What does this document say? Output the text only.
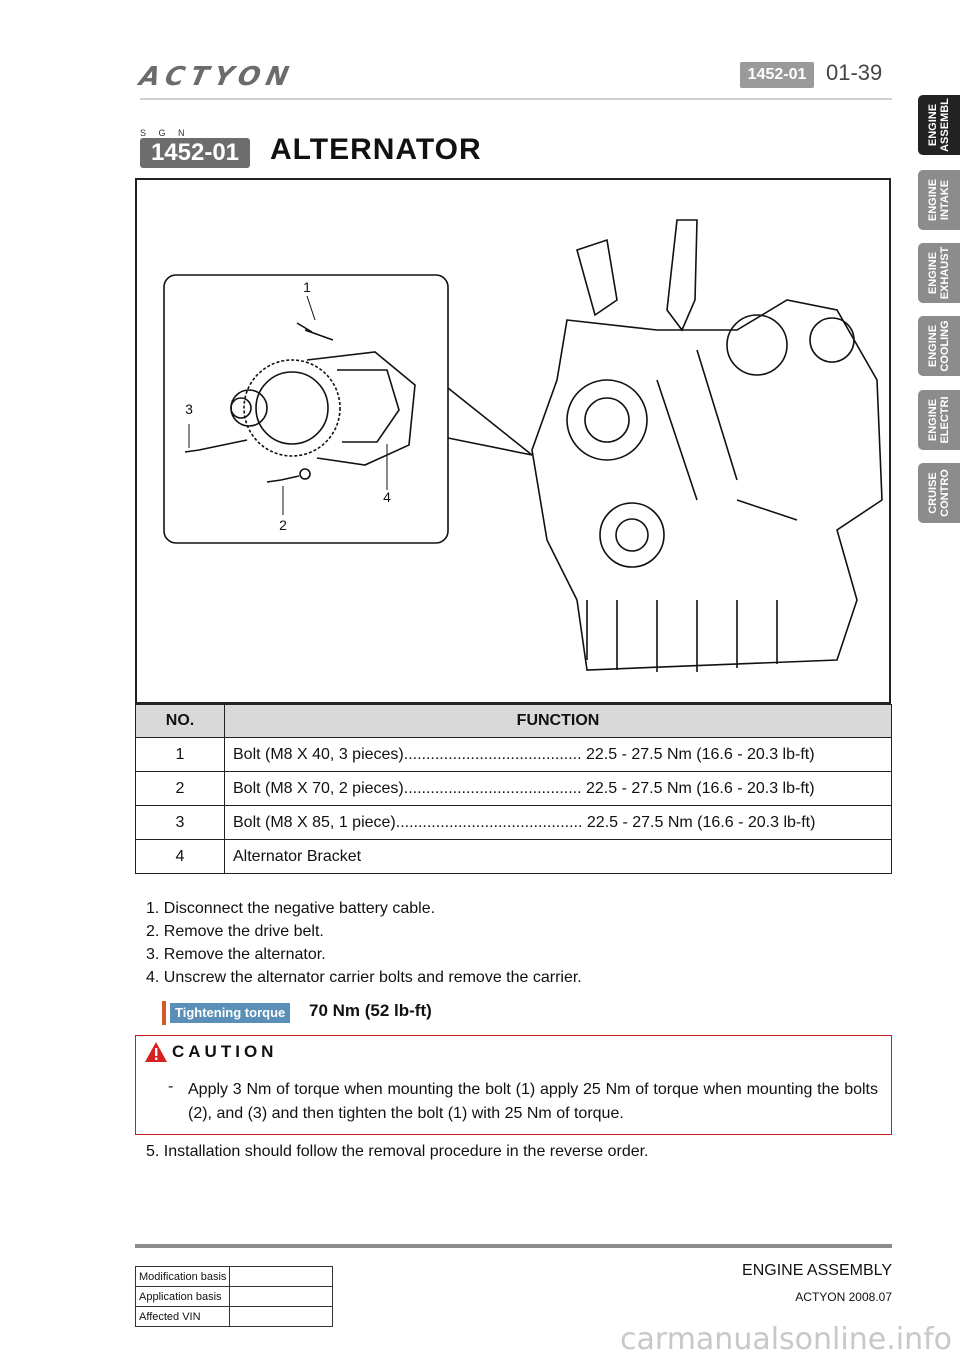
ACTYON	1452-01 01-39
ENGINE
ASSEMBL
ENGINE
INTAKE
ENGINE
EXHAUST
ENGINE
COOLING
ENGINE
ELECTRI
CRUISE
CONTRO
S G N
1452-01	ALTERNATOR
1
2
3
4
NO.	FUNCTION
1	Bolt (M8 X 40, 3 pieces)........................................ 22.5 - 27.5 Nm (16.6 - 20.3 lb-ft)
2	Bolt (M8 X 70, 2 pieces)........................................ 22.5 - 27.5 Nm (16.6 - 20.3 lb-ft)
3	Bolt (M8 X 85, 1 piece).......................................... 22.5 - 27.5 Nm (16.6 - 20.3 lb-ft)
4	Alternator Bracket
1. Disconnect the negative battery cable.
2. Remove the drive belt.
3. Remove the alternator.
4. Unscrew the alternator carrier bolts and remove the carrier.
Tightening torque 70 Nm (52 lb-ft)
CAUTION
- Apply 3 Nm of torque when mounting the bolt (1) apply 25 Nm of torque when mounting the bolts (2), and (3) and then tighten the bolt (1) with 25 Nm of torque.
5. Installation should follow the removal procedure in the reverse order.
ENGINE ASSEMBLY
ACTYON 2008.07
Modification basis	
Application basis	
Affected VIN	
carmanualsonline.info
